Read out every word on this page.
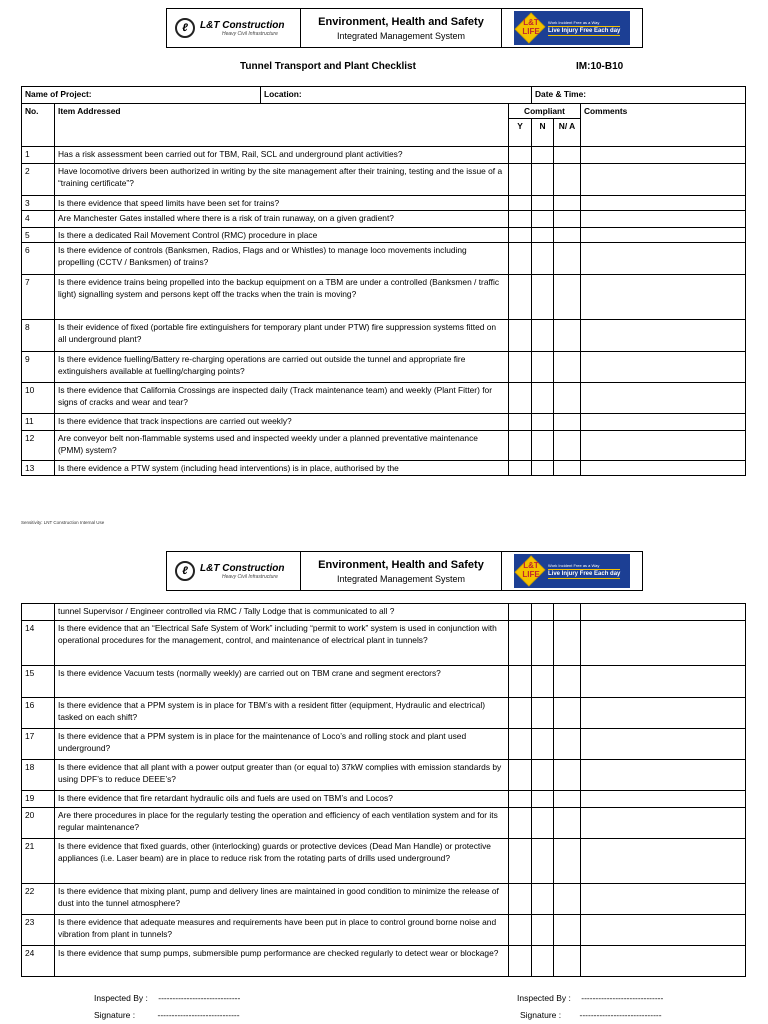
ℓ	L&T Construction
Heavy Civil Infrastructure
Environment, Health and Safety
Integrated Management System
L&T LIFE
Work Incident Free as a Way
Live Injury Free Each day
Tunnel Transport and Plant Checklist	IM:10-B10
Name of Project:		Location:		Date & Time:		
No.	Item Addressed		Compliant			Comments
			Y	N	N/ A	
1	Has a risk assessment been carried out for TBM, Rail, SCL and underground plant activities?					
2	Have locomotive drivers been authorized in writing by the site management after their training, testing and the issue of a “training certificate”?					
3	Is there evidence that speed limits have been set for trains?					
4	Are Manchester Gates installed where there is a risk of train runaway, on a given gradient?					
5	Is there a dedicated Rail Movement Control (RMC) procedure in place					
6	Is there evidence of controls (Banksmen, Radios, Flags and or Whistles) to manage loco movements including propelling (CCTV / Banksmen) of trains?					
7	Is there evidence trains being propelled into the backup equipment on a TBM are under a controlled (Banksmen / traffic light) signalling system and persons kept off the tracks when the train is moving?					
8	Is their evidence of fixed (portable fire extinguishers for temporary plant under PTW) fire suppression systems fitted on all underground plant?					
9	Is there evidence fuelling/Battery re-charging operations are carried out outside the tunnel and appropriate fire extinguishers available at fuelling/charging points?					
10	Is there evidence that California Crossings are inspected daily (Track maintenance team) and weekly (Plant Fitter) for signs of cracks and wear and tear?					
11	Is there evidence that track inspections are carried out weekly?					
12	Are conveyor belt non-flammable systems used and inspected weekly under a planned preventative maintenance (PMM) system?					
13	Is there evidence a PTW system (including head interventions) is in place, authorised by the					
Sensitivity: LNT Construction Internal Use
ℓ	L&T Construction
Heavy Civil Infrastructure
Environment, Health and Safety
Integrated Management System
L&T LIFE
Work Incident Free as a Way
Live Injury Free Each day
	tunnel Supervisor / Engineer controlled via RMC / Tally Lodge that is communicated to all ?				
14	Is there evidence that an “Electrical Safe System of Work” including “permit to work” system is used in conjunction with operational procedures for the management, control, and maintenance of electrical plant in tunnels?				
15	Is there evidence Vacuum tests (normally weekly) are carried out on TBM crane and segment erectors?				
16	Is there evidence that a PPM system is in place for TBM’s with a resident fitter (equipment, Hydraulic and electrical) tasked on each shift?				
17	Is there evidence that a PPM system is in place for the maintenance of Loco’s and rolling stock and plant used underground?				
18	Is there evidence that all plant with a power output greater than (or equal to) 37kW complies with emission standards by using DPF’s to reduce DEEE’s?				
19	Is there evidence that fire retardant hydraulic oils and fuels are used on TBM’s and Locos?				
20	Are there procedures in place for the regularly testing the operation and efficiency of each ventilation system and for its regular maintenance?				
21	Is there evidence that fixed guards, other (interlocking) guards or protective devices (Dead Man Handle) or protective appliances (i.e. Laser beam) are in place to reduce risk from the rotating parts of drills used underground?				
22	Is there evidence that mixing plant, pump and delivery lines are maintained in good condition to minimize the release of dust into the tunnel atmosphere?				
23	Is there evidence that adequate measures and requirements have been put in place to control ground borne noise and vibration from plant in tunnels?				
24	Is there evidence that sump pumps, submersible pump performance are checked regularly to detect wear or blockage?				
Inspected By : -----------------------------
Signature :	-----------------------------
Inspected By : -----------------------------
Signature : -----------------------------
